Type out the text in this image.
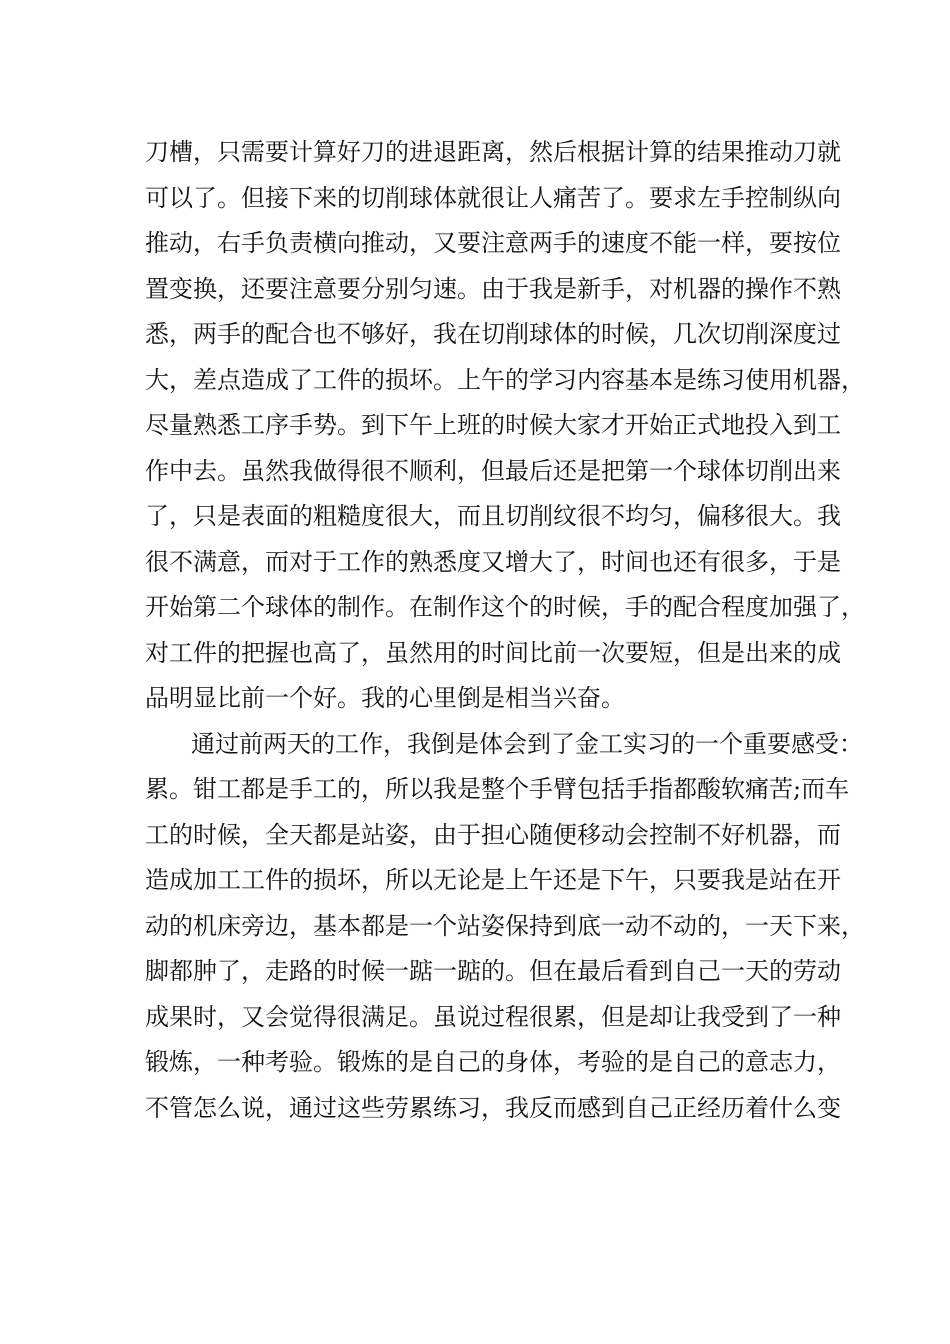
刀槽，只需要计算好刀的进退距离，然后根据计算的结果推动刀就
可以了。但接下来的切削球体就很让人痛苦了。要求左手控制纵向
推动，右手负责横向推动，又要注意两手的速度不能一样，要按位
置变换，还要注意要分别匀速。由于我是新手，对机器的操作不熟
悉，两手的配合也不够好，我在切削球体的时候，几次切削深度过
大，差点造成了工件的损坏。上午的学习内容基本是练习使用机器，
尽量熟悉工序手势。到下午上班的时候大家才开始正式地投入到工
作中去。虽然我做得很不顺利，但最后还是把第一个球体切削出来
了，只是表面的粗糙度很大，而且切削纹很不均匀，偏移很大。我
很不满意，而对于工作的熟悉度又增大了，时间也还有很多，于是
开始第二个球体的制作。在制作这个的时候，手的配合程度加强了，
对工件的把握也高了，虽然用的时间比前一次要短，但是出来的成
品明显比前一个好。我的心里倒是相当兴奋。
通过前两天的工作，我倒是体会到了金工实习的一个重要感受：
累。钳工都是手工的，所以我是整个手臂包括手指都酸软痛苦;而车
工的时候，全天都是站姿，由于担心随便移动会控制不好机器，而
造成加工工件的损坏，所以无论是上午还是下午，只要我是站在开
动的机床旁边，基本都是一个站姿保持到底一动不动的，一天下来，
脚都肿了，走路的时候一踮一踮的。但在最后看到自己一天的劳动
成果时，又会觉得很满足。虽说过程很累，但是却让我受到了一种
锻炼，一种考验。锻炼的是自己的身体，考验的是自己的意志力，
不管怎么说，通过这些劳累练习，我反而感到自己正经历着什么变
